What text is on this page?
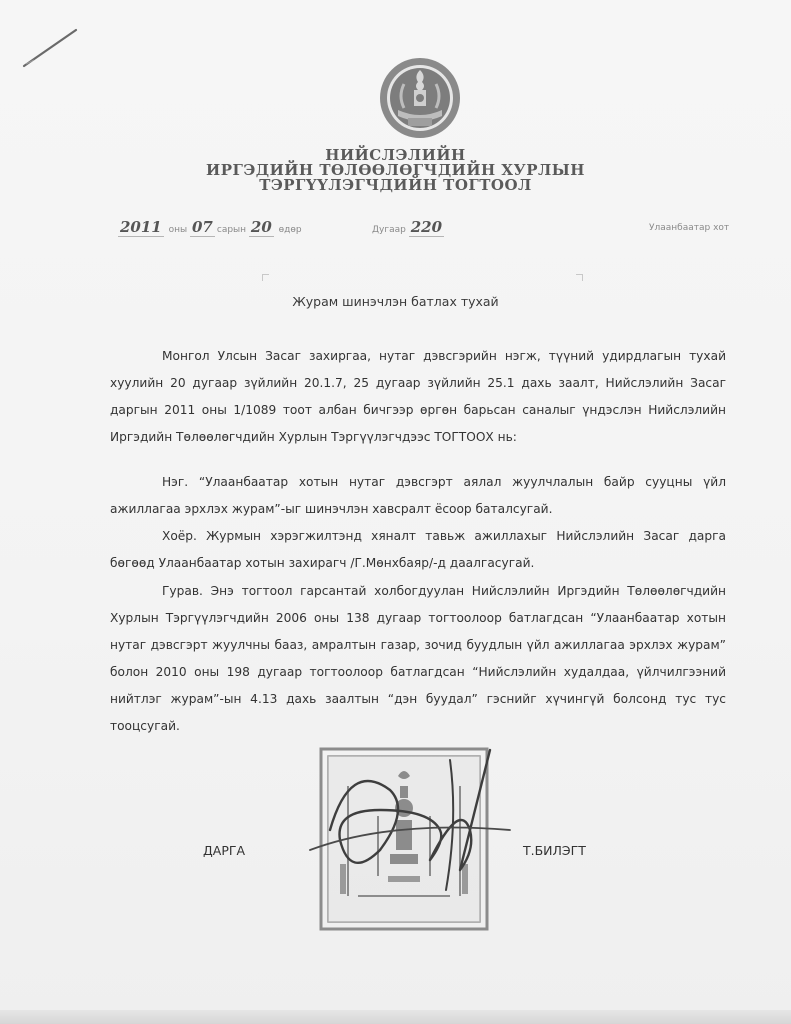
НИЙСЛЭЛИЙН
ИРГЭДИЙН ТӨЛӨӨЛӨГЧДИЙН ХУРЛЫН
ТЭРГҮҮЛЭГЧДИЙН ТОГТООЛ
2011 оны 07 сарын 20 өдөр	Дугаар 220	Улаанбаатар хот
Журам шинэчлэн батлах тухай
Монгол Улсын Засаг захиргаа, нутаг дэвсгэрийн нэгж, түүний удирдлагын тухай хуулийн 20 дугаар зүйлийн 20.1.7, 25 дугаар зүйлийн 25.1 дахь заалт, Нийслэлийн Засаг даргын 2011 оны 1/1089 тоот албан бичгээр өргөн барьсан саналыг үндэслэн Нийслэлийн Иргэдийн Төлөөлөгчдийн Хурлын Тэргүүлэгчдээс ТОГТООХ нь:
Нэг. “Улаанбаатар хотын нутаг дэвсгэрт аялал жуулчлалын байр сууцны үйл ажиллагаа эрхлэх журам”-ыг шинэчлэн хавсралт ёсоор баталсугай.
Хоёр. Журмын хэрэгжилтэнд хяналт тавьж ажиллахыг Нийслэлийн Засаг дарга бөгөөд Улаанбаатар хотын захирагч /Г.Мөнхбаяр/-д даалгасугай.
Гурав. Энэ тогтоол гарсантай холбогдуулан Нийслэлийн Иргэдийн Төлөөлөгчдийн Хурлын Тэргүүлэгчдийн 2006 оны 138 дугаар тогтоолоор батлагдсан “Улаанбаатар хотын нутаг дэвсгэрт жуулчны бааз, амралтын газар, зочид буудлын үйл ажиллагаа эрхлэх журам” болон 2010 оны 198 дугаар тогтоолоор батлагдсан “Нийслэлийн худалдаа, үйлчилгээний нийтлэг журам”-ын 4.13 дахь заалтын “дэн буудал” гэснийг хүчингүй болсонд тус тус тооцсугай.
ДАРГА	Т.БИЛЭГТ
